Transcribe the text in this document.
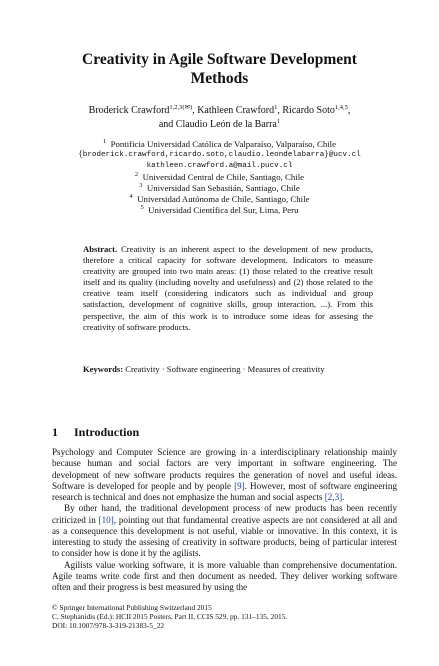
Creativity in Agile Software Development
Methods
Broderick Crawford$^{1,2,3(✉)}$, Kathleen Crawford$^1$, Ricardo Soto$^{1,4,5}$,
and Claudio León de la Barra$^1$
$^1$ Pontificia Universidad Católica de Valparaíso, Valparaíso, Chile
{broderick.crawford,ricardo.soto,claudio.leondelabarra}@ucv.cl
kathleen.crawford.a@mail.pucv.cl
$^2$ Universidad Central de Chile, Santiago, Chile
$^3$ Universidad San Sebastián, Santiago, Chile
$^4$ Universidad Autónoma de Chile, Santiago, Chile
$^5$ Universidad Científica del Sur, Lima, Peru
Abstract. Creativity is an inherent aspect to the development of new products, therefore a critical capacity for software development. Indicators to measure creativity are grouped into two main areas: (1) those related to the creative result itself and its quality (including novelty and usefulness) and (2) those related to the creative team itself (considering indicators such as individual and group satisfaction, development of cognitive skills, group interaction, ...). From this perspective, the aim of this work is to introduce some ideas for assesing the creativity of software products.
Keywords: Creativity · Software engineering · Measures of creativity
1 Introduction

Psychology and Computer Science are growing in a interdisciplinary relationship mainly because human and social factors are very important in software engineering. The development of new software products requires the generation of novel and useful ideas. Software is developed for people and by people [9]. However, most of software engineering research is technical and does not emphasize the human and social aspects [2,3].

By other hand, the traditional development process of new products has been recently criticized in [10], pointing out that fundamental creative aspects are not considered at all and as a consequence this development is not useful, viable or innovative. In this context, it is interesting to study the assesing of creativity in software products, being of particular interest to consider how is done it by the agilists.

Agilists value working software, it is more valuable than comprehensive documentation. Agile teams write code first and then document as needed. They deliver working software often and their progress is best measured by using the

© Springer International Publishing Switzerland 2015
C. Stephanidis (Ed.): HCII 2015 Posters, Part II, CCIS 529, pp. 131–135, 2015.
DOI: 10.1007/978-3-319-21383-5_22
